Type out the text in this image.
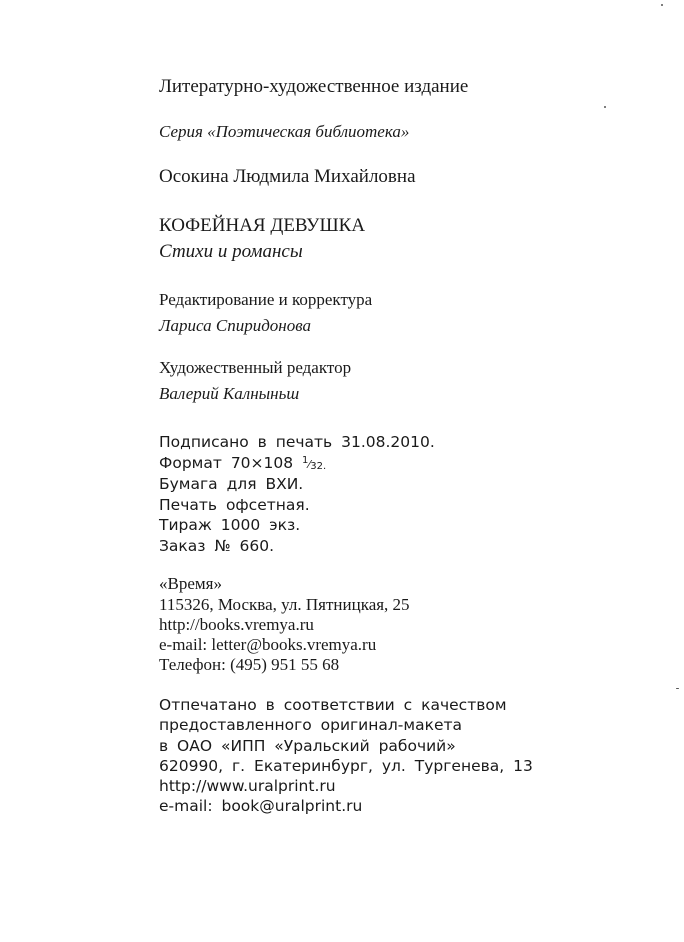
Литературно-художественное издание
Серия «Поэтическая библиотека»
Осокина Людмила Михайловна
КОФЕЙНАЯ ДЕВУШКА
Стихи и романсы
Редактирование и корректура
Лариса Спиридонова
Художественный редактор
Валерий Калныньш
Подписано в печать 31.08.2010.
Формат 70×108 $^1⁄_{32.}$
Бумага для ВХИ.
Печать офсетная.
Тираж 1000 экз.
Заказ № 660.
«Время»
115326, Москва, ул. Пятницкая, 25
http://books.vremya.ru
e-mail: letter@books.vremya.ru
Телефон: (495) 951 55 68
Отпечатано в соответствии с качеством
предоставленного оригинал-макета
в ОАО «ИПП «Уральский рабочий»
620990, г. Екатеринбург, ул. Тургенева, 13
http://www.uralprint.ru
e-mail: book@uralprint.ru
